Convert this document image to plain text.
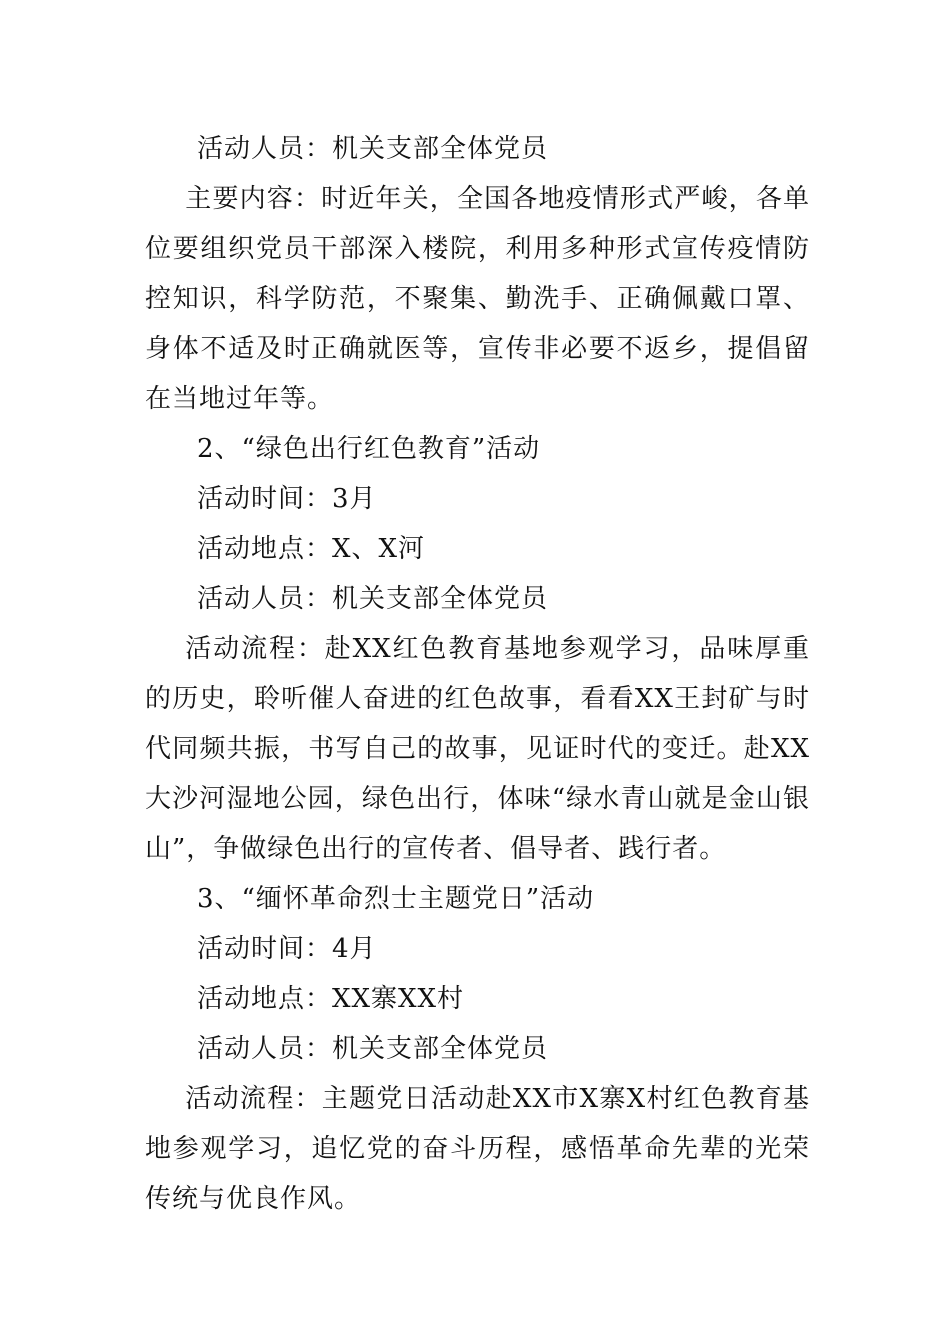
活动人员：机关支部全体党员

主要内容：时近年关，全国各地疫情形式严峻，各单位要组织党员干部深入楼院，利用多种形式宣传疫情防控知识，科学防范，不聚集、勤洗手、正确佩戴口罩、身体不适及时正确就医等，宣传非必要不返乡，提倡留在当地过年等。

2、“绿色出行红色教育”活动

活动时间：3月

活动地点：X、X河

活动人员：机关支部全体党员

活动流程：赴XX红色教育基地参观学习，品味厚重的历史，聆听催人奋进的红色故事，看看XX王封矿与时代同频共振，书写自己的故事，见证时代的变迁。赴XX大沙河湿地公园，绿色出行，体味“绿水青山就是金山银山”，争做绿色出行的宣传者、倡导者、践行者。

3、“缅怀革命烈士主题党日”活动

活动时间：4月

活动地点：XX寨XX村

活动人员：机关支部全体党员

活动流程：主题党日活动赴XX市X寨X村红色教育基地参观学习，追忆党的奋斗历程，感悟革命先辈的光荣传统与优良作风。
